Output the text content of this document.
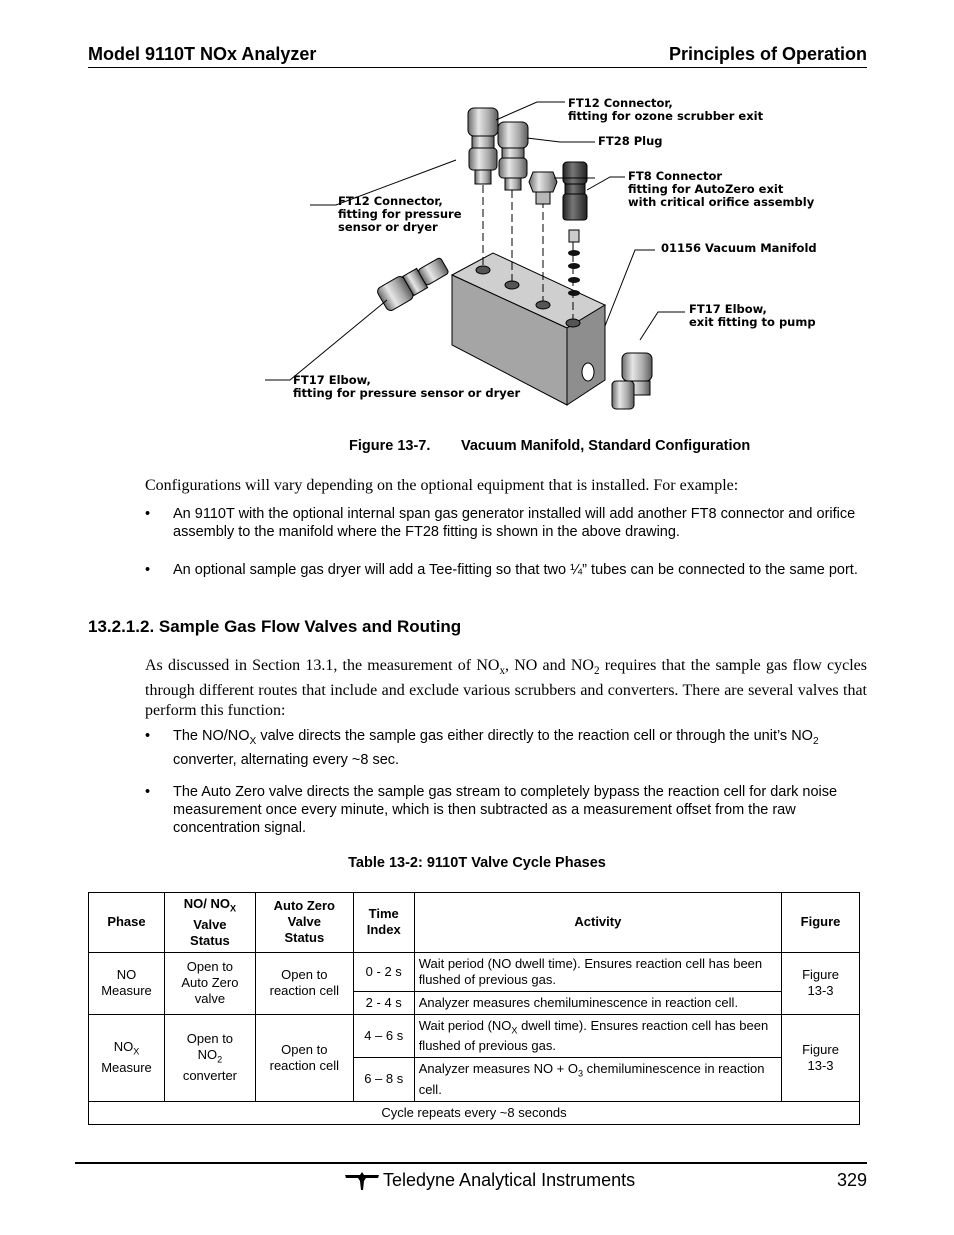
Model 9110T NOx Analyzer	Principles of Operation
FT12 Connector,
fitting for ozone scrubber exit
FT28 Plug
FT8 Connector
fitting for AutoZero exit
with critical orifice assembly
FT12 Connector,
fitting for pressure
sensor or dryer
01156 Vacuum Manifold
FT17 Elbow,
exit fitting to pump
FT17 Elbow,
fitting for pressure sensor or dryer
Figure 13-7. Vacuum Manifold, Standard Configuration
Configurations will vary depending on the optional equipment that is installed. For example:
• An 9110T with the optional internal span gas generator installed will add another FT8 connector and orifice assembly to the manifold where the FT28 fitting is shown in the above drawing.
• An optional sample gas dryer will add a Tee-fitting so that two ¼” tubes can be connected to the same port.
13.2.1.2. Sample Gas Flow Valves and Routing
As discussed in Section 13.1, the measurement of $NO_x$, NO and $NO_2$ requires that the sample gas flow cycles through different routes that include and exclude various scrubbers and converters. There are several valves that perform this function:
• The $NO/NO_X$ valve directs the sample gas either directly to the reaction cell or through the unit’s $NO_2$ converter, alternating every ~8 sec.
• The Auto Zero valve directs the sample gas stream to completely bypass the reaction cell for dark noise measurement once every minute, which is then subtracted as a measurement offset from the raw concentration signal.
Table 13-2: 9110T Valve Cycle Phases
Phase	NO/ $NO_X$
Valve
Status	Auto Zero
Valve
Status	Time
Index	Activity	Figure
NO
Measure	Open to
Auto Zero
valve	Open to
reaction cell	0 - 2 s	Wait period (NO dwell time). Ensures reaction cell has been flushed of previous gas.	Figure
13-3
			2 - 4 s	Analyzer measures chemiluminescence in reaction cell.	
$NO_X$
Measure	Open to
$NO_2$
converter	Open to
reaction cell	4 – 6 s	Wait period ($NO_X$ dwell time). Ensures reaction cell has been flushed of previous gas.	Figure
13-3
			6 – 8 s	Analyzer measures NO + $O_3$ chemiluminescence in reaction cell.	
Cycle repeats every ~8 seconds					
Teledyne Analytical Instruments	329
